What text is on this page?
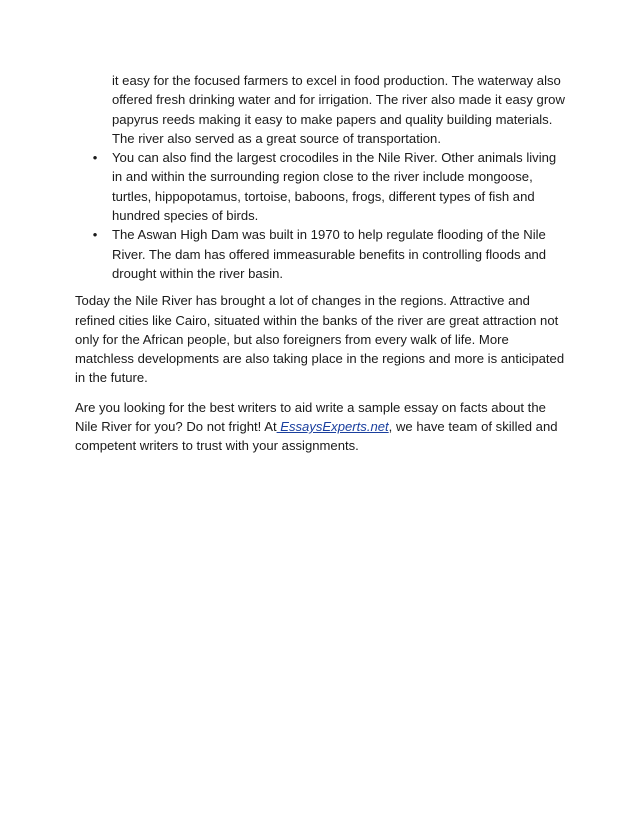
it easy for the focused farmers to excel in food production. The waterway also offered fresh drinking water and for irrigation. The river also made it easy grow papyrus reeds making it easy to make papers and quality building materials. The river also served as a great source of transportation.

• You can also find the largest crocodiles in the Nile River. Other animals living in and within the surrounding region close to the river include mongoose, turtles, hippopotamus, tortoise, baboons, frogs, different types of fish and hundred species of birds.
• The Aswan High Dam was built in 1970 to help regulate flooding of the Nile River. The dam has offered immeasurable benefits in controlling floods and drought within the river basin.

Today the Nile River has brought a lot of changes in the regions. Attractive and refined cities like Cairo, situated within the banks of the river are great attraction not only for the African people, but also foreigners from every walk of life. More matchless developments are also taking place in the regions and more is anticipated in the future.

Are you looking for the best writers to aid write a sample essay on facts about the Nile River for you? Do not fright! At EssaysExperts.net, we have team of skilled and competent writers to trust with your assignments.
